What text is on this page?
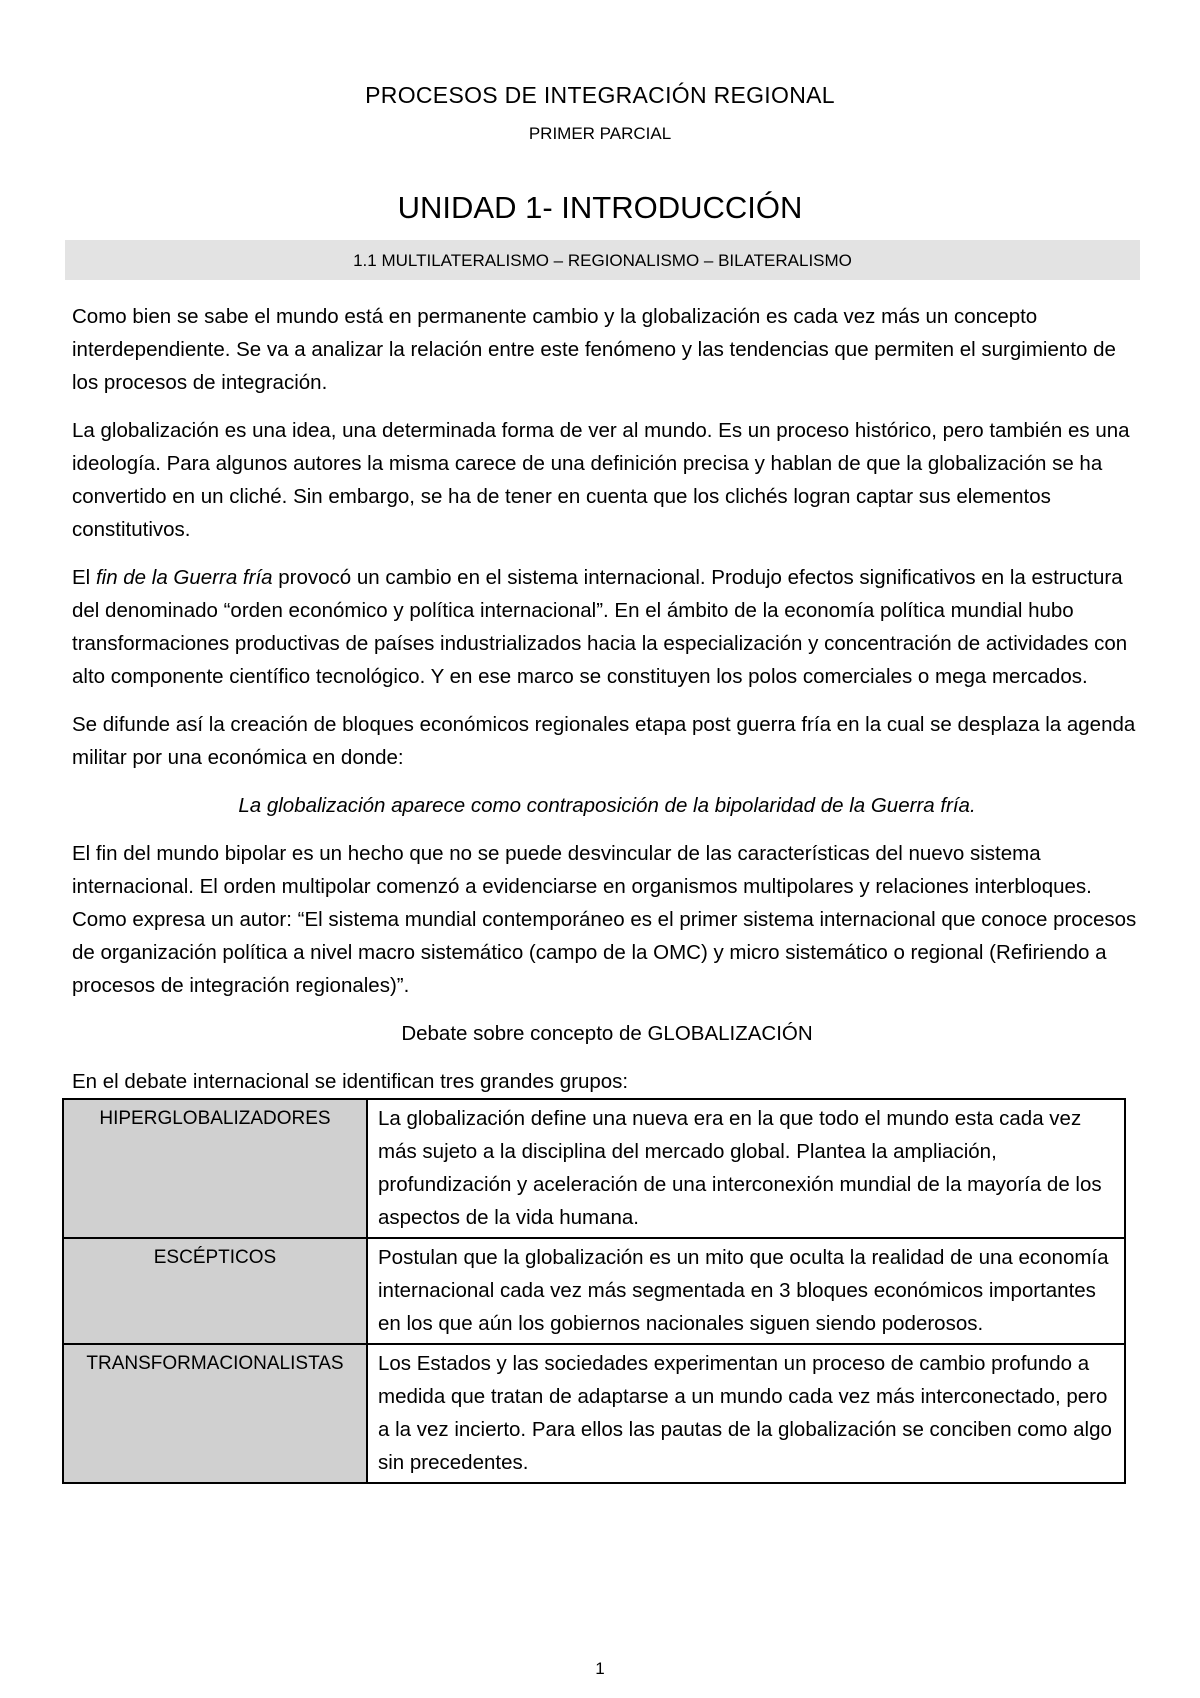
PROCESOS DE INTEGRACIÓN REGIONAL
PRIMER PARCIAL
UNIDAD 1- INTRODUCCIÓN
1.1 MULTILATERALISMO – REGIONALISMO – BILATERALISMO

Como bien se sabe el mundo está en permanente cambio y la globalización es cada vez más un concepto interdependiente. Se va a analizar la relación entre este fenómeno y las tendencias que permiten el surgimiento de los procesos de integración.

La globalización es una idea, una determinada forma de ver al mundo. Es un proceso histórico, pero también es una ideología. Para algunos autores la misma carece de una definición precisa y hablan de que la globalización se ha convertido en un cliché. Sin embargo, se ha de tener en cuenta que los clichés logran captar sus elementos constitutivos.

El fin de la Guerra fría provocó un cambio en el sistema internacional. Produjo efectos significativos en la estructura del denominado “orden económico y política internacional”. En el ámbito de la economía política mundial hubo transformaciones productivas de países industrializados hacia la especialización y concentración de actividades con alto componente científico tecnológico. Y en ese marco se constituyen los polos comerciales o mega mercados.

Se difunde así la creación de bloques económicos regionales etapa post guerra fría en la cual se desplaza la agenda militar por una económica en donde:

La globalización aparece como contraposición de la bipolaridad de la Guerra fría.

El fin del mundo bipolar es un hecho que no se puede desvincular de las características del nuevo sistema internacional. El orden multipolar comenzó a evidenciarse en organismos multipolares y relaciones interbloques. Como expresa un autor: “El sistema mundial contemporáneo es el primer sistema internacional que conoce procesos de organización política a nivel macro sistemático (campo de la OMC) y micro sistemático o regional (Refiriendo a procesos de integración regionales)”.

Debate sobre concepto de GLOBALIZACIÓN

En el debate internacional se identifican tres grandes grupos:

HIPERGLOBALIZADORES	La globalización define una nueva era en la que todo el mundo esta cada vez más sujeto a la disciplina del mercado global. Plantea la ampliación, profundización y aceleración de una interconexión mundial de la mayoría de los aspectos de la vida humana.
ESCÉPTICOS	Postulan que la globalización es un mito que oculta la realidad de una economía internacional cada vez más segmentada en 3 bloques económicos importantes en los que aún los gobiernos nacionales siguen siendo poderosos.
TRANSFORMACIONALISTAS	Los Estados y las sociedades experimentan un proceso de cambio profundo a medida que tratan de adaptarse a un mundo cada vez más interconectado, pero a la vez incierto. Para ellos las pautas de la globalización se conciben como algo sin precedentes.
1
